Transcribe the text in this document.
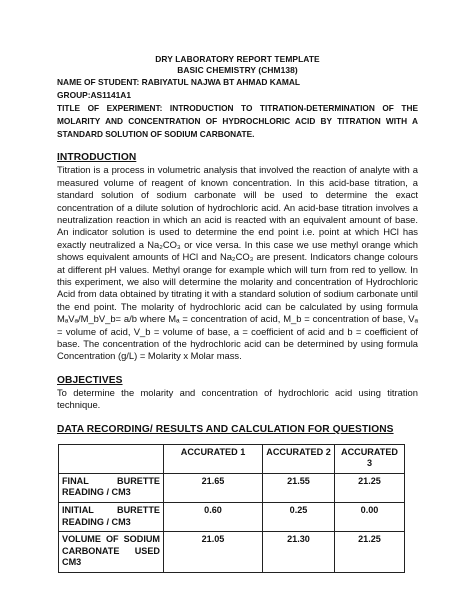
DRY LABORATORY REPORT TEMPLATE
BASIC CHEMISTRY (CHM138)

NAME OF STUDENT: RABIYATUL NAJWA BT AHMAD KAMAL

GROUP:AS1141A1

TITLE OF EXPERIMENT: INTRODUCTION TO TITRATION-DETERMINATION OF THE MOLARITY AND CONCENTRATION OF HYDROCHLORIC ACID BY TITRATION WITH A STANDARD SOLUTION OF SODIUM CARBONATE.

INTRODUCTION

Titration is a process in volumetric analysis that involved the reaction of analyte with a measured volume of reagent of known concentration. In this acid-base titration, a standard solution of sodium carbonate will be used to determine the exact concentration of a dilute solution of hydrochloric acid. An acid-base titration involves a neutralization reaction in which an acid is reacted with an equivalent amount of base. An indicator solution is used to determine the end point i.e. point at which HCl has exactly neutralized a Na₂CO₃ or vice versa. In this case we use methyl orange which shows equivalent amounts of HCl and Na₂CO₃ are present. Indicators change colours at different pH values. Methyl orange for example which will turn from red to yellow. In this experiment, we also will determine the molarity and concentration of Hydrochloric Acid from data obtained by titrating it with a standard solution of sodium carbonate until the end point. The molarity of hydrochloric acid can be calculated by using formula MₐVₐ/M_bV_b= a/b where Mₐ = concentration of acid, M_b = concentration of base, Vₐ = volume of acid, V_b = volume of base, a = coefficient of acid and b = coefficient of base. The concentration of the hydrochloric acid can be determined by using formula Concentration (g/L) = Molarity x Molar mass.

OBJECTIVES

To determine the molarity and concentration of hydrochloric acid using titration technique.

DATA RECORDING/ RESULTS AND CALCULATION FOR QUESTIONS
	ACCURATED 1	ACCURATED 2	ACCURATED 3
FINAL BURETTE READING / CM3	21.65	21.55	21.25
INITIAL BURETTE READING / CM3	0.60	0.25	0.00
VOLUME OF SODIUM CARBONATE USED CM3	21.05	21.30	21.25
